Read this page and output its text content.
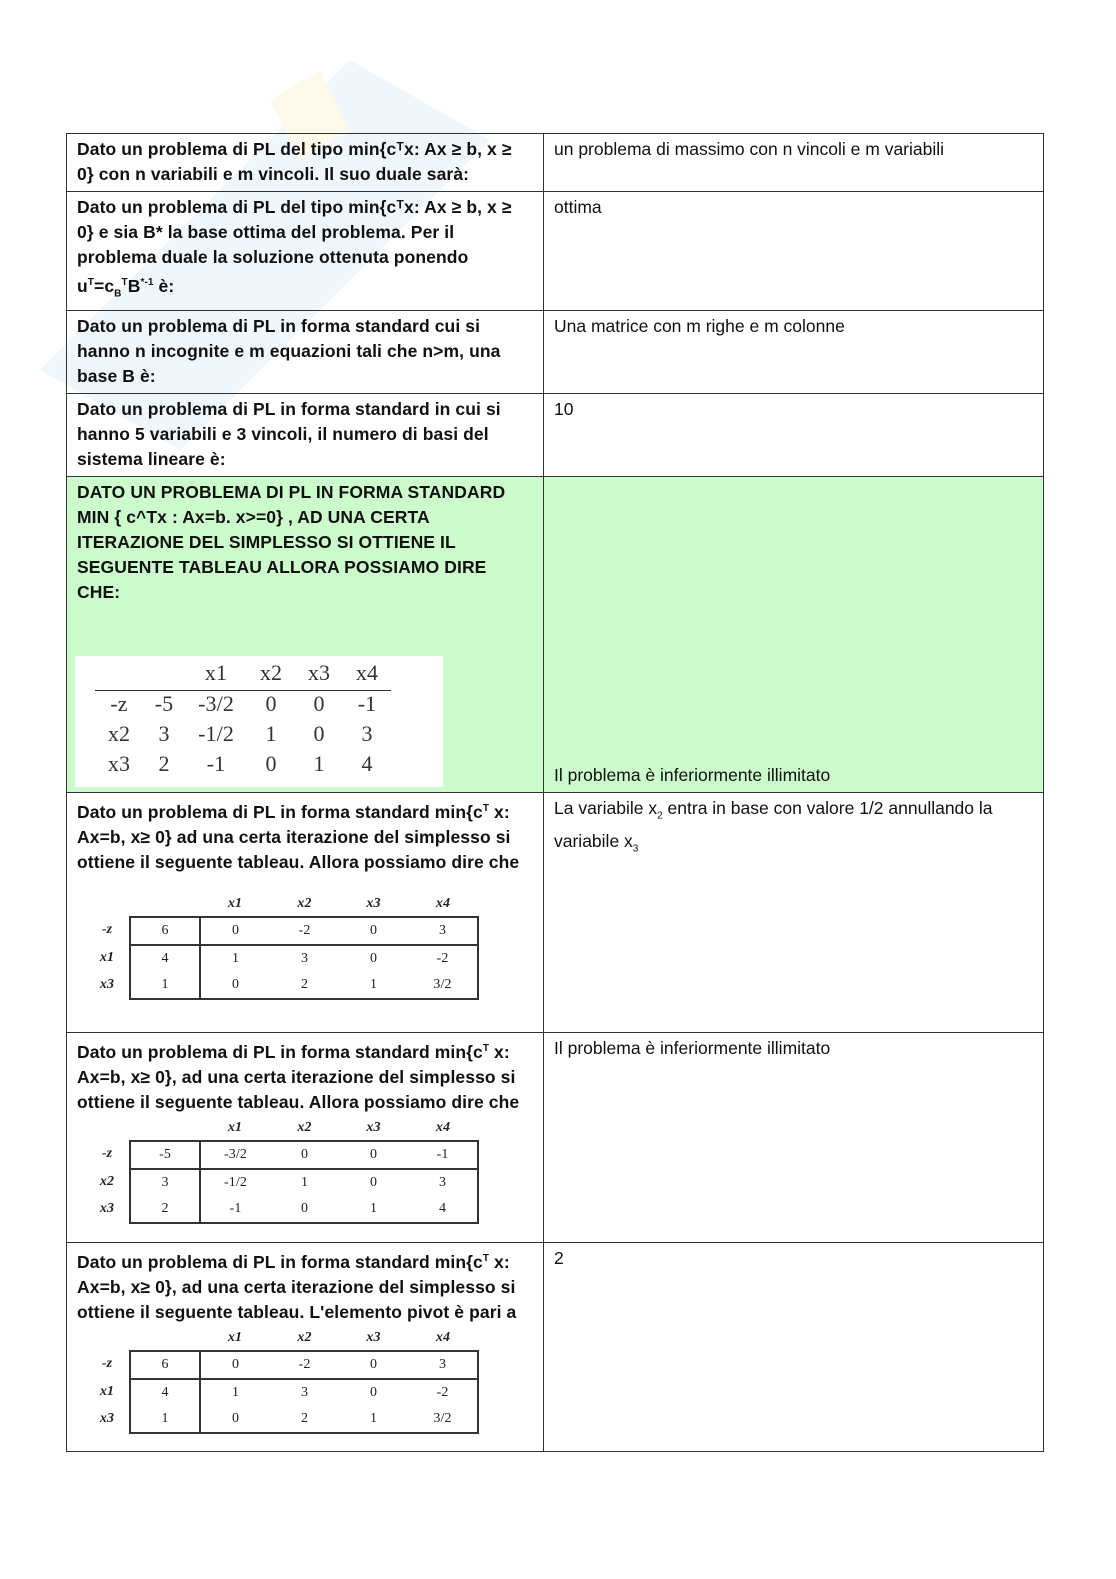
Dato un problema di PL del tipo min{cᵀx: Ax ≥ b, x ≥ 0} con n variabili e m vincoli. Il suo duale sarà:	un problema di massimo con n vincoli e m variabili
Dato un problema di PL del tipo min{cᵀx: Ax ≥ b, x ≥ 0} e sia B* la base ottima del problema. Per il problema duale la soluzione ottenuta ponendo $u^T=c_B^TB^{*-1}$ è:	ottima
Dato un problema di PL in forma standard cui si hanno n incognite e m equazioni tali che n>m, una base B è:	Una matrice con m righe e m colonne
Dato un problema di PL in forma standard in cui si hanno 5 variabili e 3 vincoli, il numero di basi del sistema lineare è:	10

DATO UN PROBLEMA DI PL IN FORMA STANDARD MIN { c^Tx : Ax=b. x>=0} , AD UNA CERTA ITERAZIONE DEL SIMPLESSO SI OTTIENE IL SEGUENTE TABLEAU ALLORA POSSIAMO DIRE CHE:
		x1	x2	x3	x4
-z	-5	-3/2	0	0	-1
x2	3	-1/2	1	0	3
x3	2	-1	0	1	4
		Il problema è inferiormente illimitato

Dato un problema di PL in forma standard $\min\{c^T$ x: Ax=b, x≥ 0} ad una certa iterazione del simplesso si ottiene il seguente tableau. Allora possiamo dire che
		x1	x2	x3	x4
-z	6	0	-2	0	3
x1	4	1	3	0	-2
x3	1	0	2	1	3/2
	La variabile $x_2$ entra in base con valore 1/2 annullando la variabile $x_3$

Dato un problema di PL in forma standard $\min\{c^T$ x: Ax=b, x≥ 0}, ad una certa iterazione del simplesso si ottiene il seguente tableau. Allora possiamo dire che
		x1	x2	x3	x4
-z	-5	-3/2	0	0	-1
x2	3	-1/2	1	0	3
x3	2	-1	0	1	4
	Il problema è inferiormente illimitato

Dato un problema di PL in forma standard $\min\{c^T$ x: Ax=b, x≥ 0}, ad una certa iterazione del simplesso si ottiene il seguente tableau. L'elemento pivot è pari a
		x1	x2	x3	x4
-z	6	0	-2	0	3
x1	4	1	3	0	-2
x3	1	0	2	1	3/2
	2
